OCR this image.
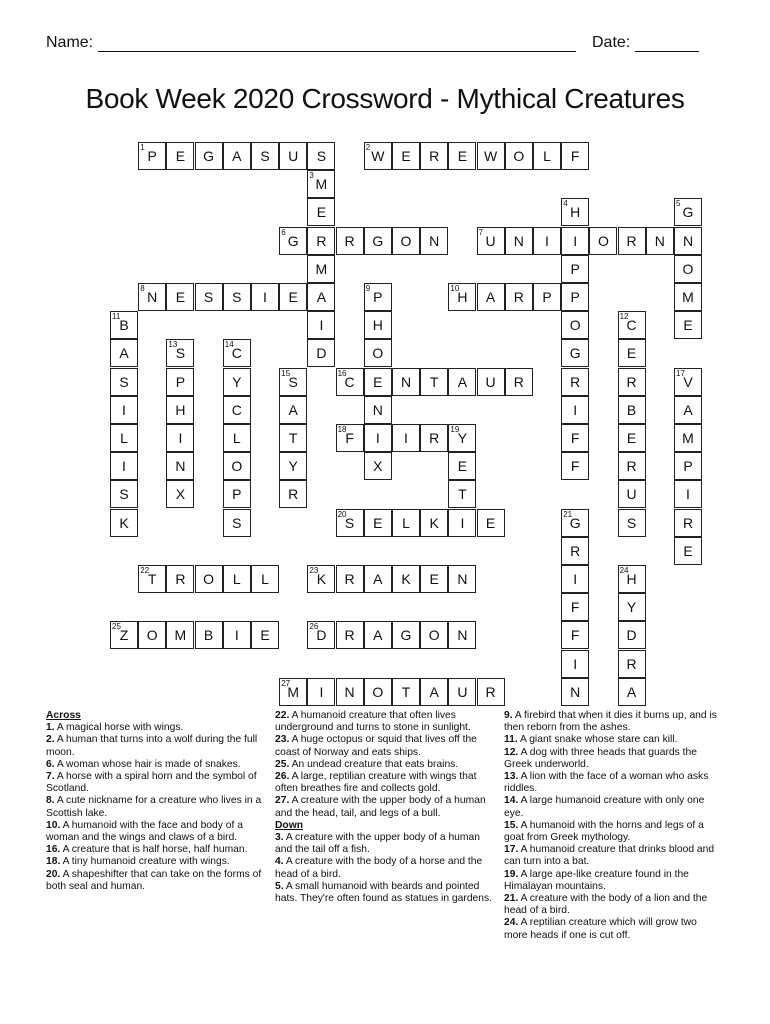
Name:	Date:
Book Week 2020 Crossword - Mythical Creatures
P
1
E G A S U S	W
2
E R E W O L F
M
3
E
R
M
A
I
D
H
4
I
P
P
O
G
R
I
F
F
G
5
N
O
M
E
G
6
R G O N	U
7
N I	O R N
N
8
E S S I E	P
9
H
O
E
N
I
X
H
10
A R P
B
11
A
S
I
L
I
S
K
C
12
E
R
B
E
R
U
S
S
13
P
H
I
N
X
C
14
Y
C
L
O
P
S
S
15
A
T
Y
R
C
16
N T A U R	V
17
A
M
P
I
R
E
F
18
I R Y
19
E
T
I
S
20
E L K	E	G
21
R
I
F
F
I
N
T
22
R O L L	K
23
R A K E N	H
24
Y
D
R
A
Z
25
O M B I E	D
26
R A G O N
M
27
I N O T A U R
Across
1. A magical horse with wings.
2. A human that turns into a wolf during the full moon.
6. A woman whose hair is made of snakes.
7. A horse with a spiral horn and the symbol of Scotland.
8. A cute nickname for a creature who lives in a Scottish lake.
10. A humanoid with the face and body of a woman and the wings and claws of a bird.
16. A creature that is half horse, half human.
18. A tiny humanoid creature with wings.
20. A shapeshifter that can take on the forms of both seal and human.
22. A humanoid creature that often lives underground and turns to stone in sunlight.
23. A huge octopus or squid that lives off the coast of Norway and eats ships.
25. An undead creature that eats brains.
26. A large, reptilian creature with wings that often breathes fire and collects gold.
27. A creature with the upper body of a human and the head, tail, and legs of a bull.
Down
3. A creature with the upper body of a human and the tail off a fish.
4. A creature with the body of a horse and the head of a bird.
5. A small humanoid with beards and pointed hats. They're often found as statues in gardens.
9. A firebird that when it dies it burns up, and is then reborn from the ashes.
11. A giant snake whose stare can kill.
12. A dog with three heads that guards the Greek underworld.
13. A lion with the face of a woman who asks riddles.
14. A large humanoid creature with only one eye.
15. A humanoid with the horns and legs of a goat from Greek mythology.
17. A humanoid creature that drinks blood and can turn into a bat.
19. A large ape-like creature found in the Himalayan mountains.
21. A creature with the body of a lion and the head of a bird.
24. A reptilian creature which will grow two more heads if one is cut off.
